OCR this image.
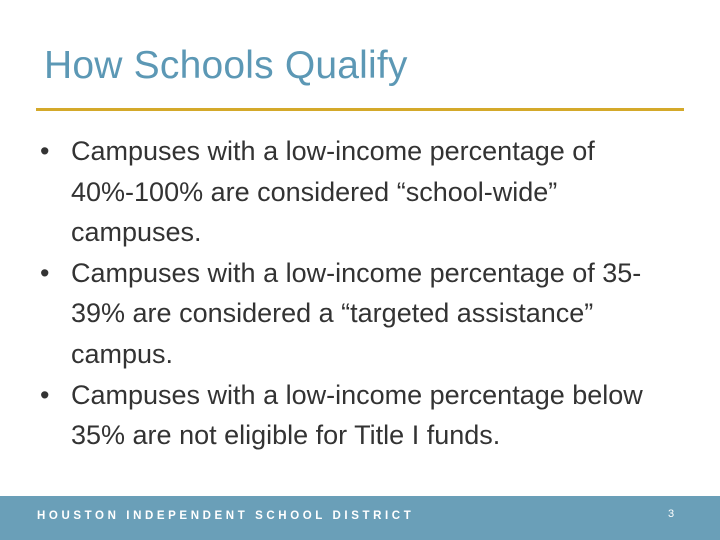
How Schools Qualify
• Campuses with a low-income percentage of 40%-100% are considered “school-wide” campuses.
• Campuses with a low-income percentage of 35-39% are considered a “targeted assistance” campus.
• Campuses with a low-income percentage below 35% are not eligible for Title I funds.
HOUSTON INDEPENDENT SCHOOL DISTRICT	3
